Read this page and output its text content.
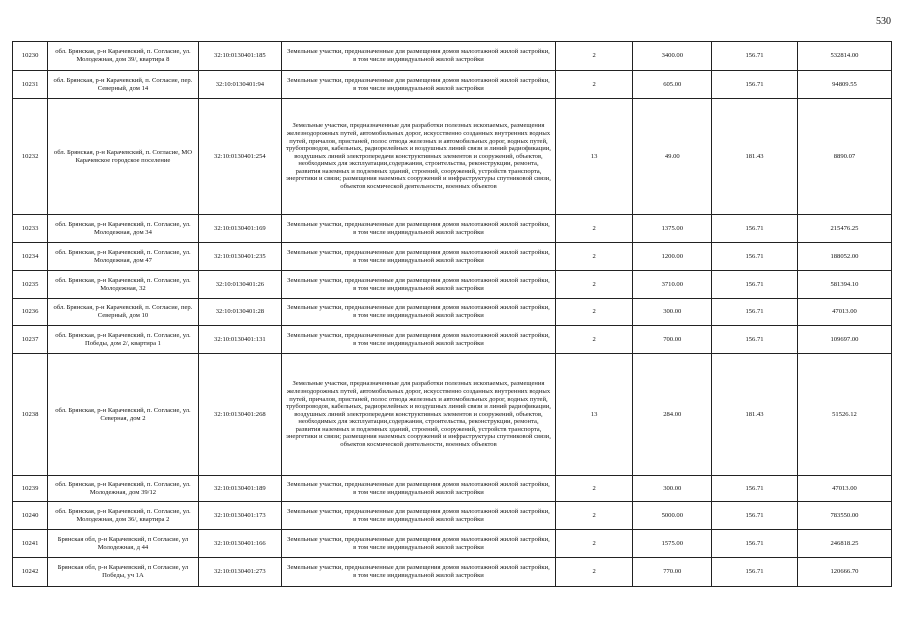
530
10230	обл. Брянская, р-н Карачевский, п. Согласие, ул. Молодежная, дом 39/, квартира 8	32:10:0130401:185	Земельные участки, предназначенные для размещения домов малоэтажной жилой застройки, в том числе индивидуальной жилой застройки	2	3400.00	156.71	532814.00
10231	обл. Брянская, р-н Карачевский, п. Согласие, пер. Северный, дом 14	32:10:0130401:94	Земельные участки, предназначенные для размещения домов малоэтажной жилой застройки, в том числе индивидуальной жилой застройки	2	605.00	156.71	94809.55
10232	обл. Брянская, р-н Карачевский, п. Согласие, МО Карачевское городское поселение	32:10:0130401:254	Земельные участки, предназначенные для разработки полезных ископаемых, размещения железнодорожных путей, автомобильных дорог, искусственно созданных внутренних водных путей, причалов, пристаней, полос отвода железных и автомобильных дорог, водных путей, трубопроводов, кабельных, радиорелейных и воздушных линий связи и линий радиофикации, воздушных линий электропередачи конструктивных элементов и сооружений, объектов, необходимых для эксплуатации,содержания, строительства, реконструкции, ремонта, развития наземных и подземных зданий, строений, сооружений, устройств транспорта, энергетики и связи; размещения наземных сооружений и инфраструктуры спутниковой связи, объектов космической деятельности, военных объектов	13	49.00	181.43	8890.07
10233	обл. Брянская, р-н Карачевский, п. Согласие, ул. Молодежная, дом 34	32:10:0130401:169	Земельные участки, предназначенные для размещения домов малоэтажной жилой застройки, в том числе индивидуальной жилой застройки	2	1375.00	156.71	215476.25
10234	обл. Брянская, р-н Карачевский, п. Согласие, ул. Молодежная, дом 47	32:10:0130401:235	Земельные участки, предназначенные для размещения домов малоэтажной жилой застройки, в том числе индивидуальной жилой застройки	2	1200.00	156.71	188052.00
10235	обл. Брянская, р-н Карачевский, п. Согласие, ул. Молодежная, 32	32:10:0130401:26	Земельные участки, предназначенные для размещения домов малоэтажной жилой застройки, в том числе индивидуальной жилой застройки	2	3710.00	156.71	581394.10
10236	обл. Брянская, р-н Карачевский, п. Согласие, пер. Северный, дом 10	32:10:0130401:28	Земельные участки, предназначенные для размещения домов малоэтажной жилой застройки, в том числе индивидуальной жилой застройки	2	300.00	156.71	47013.00
10237	обл. Брянская, р-н Карачевский, п. Согласие, ул. Победы, дом 2/, квартира 1	32:10:0130401:131	Земельные участки, предназначенные для размещения домов малоэтажной жилой застройки, в том числе индивидуальной жилой застройки	2	700.00	156.71	109697.00
10238	обл. Брянская, р-н Карачевский, п. Согласие, ул. Северная, дом 2	32:10:0130401:268	Земельные участки, предназначенные для разработки полезных ископаемых, размещения железнодорожных путей, автомобильных дорог, искусственно созданных внутренних водных путей, причалов, пристаней, полос отвода железных и автомобильных дорог, водных путей, трубопроводов, кабельных, радиорелейных и воздушных линий связи и линий радиофикации, воздушных линий электропередачи конструктивных элементов и сооружений, объектов, необходимых для эксплуатации,содержания, строительства, реконструкции, ремонта, развития наземных и подземных зданий, строений, сооружений, устройств транспорта, энергетики и связи; размещения наземных сооружений и инфраструктуры спутниковой связи, объектов космической деятельности, военных объектов	13	284.00	181.43	51526.12
10239	обл. Брянская, р-н Карачевский, п. Согласие, ул. Молодежная, дом 39/12	32:10:0130401:189	Земельные участки, предназначенные для размещения домов малоэтажной жилой застройки, в том числе индивидуальной жилой застройки	2	300.00	156.71	47013.00
10240	обл. Брянская, р-н Карачевский, п. Согласие, ул. Молодежная, дом 36/, квартира 2	32:10:0130401:173	Земельные участки, предназначенные для размещения домов малоэтажной жилой застройки, в том числе индивидуальной жилой застройки	2	5000.00	156.71	783550.00
10241	Брянская обл, р-н Карачевский, п Согласие, ул Молодежная, д 44	32:10:0130401:166	Земельные участки, предназначенные для размещения домов малоэтажной жилой застройки, в том числе индивидуальной жилой застройки	2	1575.00	156.71	246818.25
10242	Брянская обл, р-н Карачевский, п Согласие, ул Победы, уч 1А	32:10:0130401:273	Земельные участки, предназначенные для размещения домов малоэтажной жилой застройки, в том числе индивидуальной жилой застройки	2	770.00	156.71	120666.70
